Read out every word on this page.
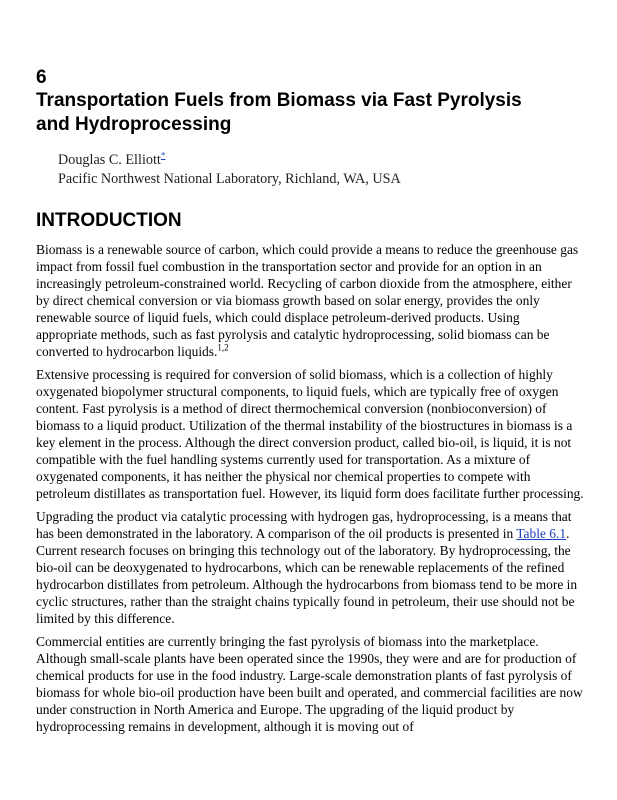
6
Transportation Fuels from Biomass via Fast Pyrolysis
and Hydroprocessing
Douglas C. Elliott*
Pacific Northwest National Laboratory, Richland, WA, USA
INTRODUCTION

Biomass is a renewable source of carbon, which could provide a means to reduce the greenhouse gas impact from fossil fuel combustion in the transportation sector and provide for an option in an increasingly petroleum-constrained world. Recycling of carbon dioxide from the atmosphere, either by direct chemical conversion or via biomass growth based on solar energy, provides the only renewable source of liquid fuels, which could displace petroleum-derived products. Using appropriate methods, such as fast pyrolysis and catalytic hydroprocessing, solid biomass can be converted to hydrocarbon liquids.$^{1,2}$

Extensive processing is required for conversion of solid biomass, which is a collection of highly oxygenated biopolymer structural components, to liquid fuels, which are typically free of oxygen content. Fast pyrolysis is a method of direct thermochemical conversion (nonbioconversion) of biomass to a liquid product. Utilization of the thermal instability of the biostructures in biomass is a key element in the process. Although the direct conversion product, called bio-oil, is liquid, it is not compatible with the fuel handling systems currently used for transportation. As a mixture of oxygenated components, it has neither the physical nor chemical properties to compete with petroleum distillates as transportation fuel. However, its liquid form does facilitate further processing.

Upgrading the product via catalytic processing with hydrogen gas, hydroprocessing, is a means that has been demonstrated in the laboratory. A comparison of the oil products is presented in Table 6.1. Current research focuses on bringing this technology out of the laboratory. By hydroprocessing, the bio-oil can be deoxygenated to hydrocarbons, which can be renewable replacements of the refined hydrocarbon distillates from petroleum. Although the hydrocarbons from biomass tend to be more in cyclic structures, rather than the straight chains typically found in petroleum, their use should not be limited by this difference.

Commercial entities are currently bringing the fast pyrolysis of biomass into the marketplace. Although small-scale plants have been operated since the 1990s, they were and are for production of chemical products for use in the food industry. Large-scale demonstration plants of fast pyrolysis of biomass for whole bio-oil production have been built and operated, and commercial facilities are now under construction in North America and Europe. The upgrading of the liquid product by hydroprocessing remains in development, although it is moving out of
